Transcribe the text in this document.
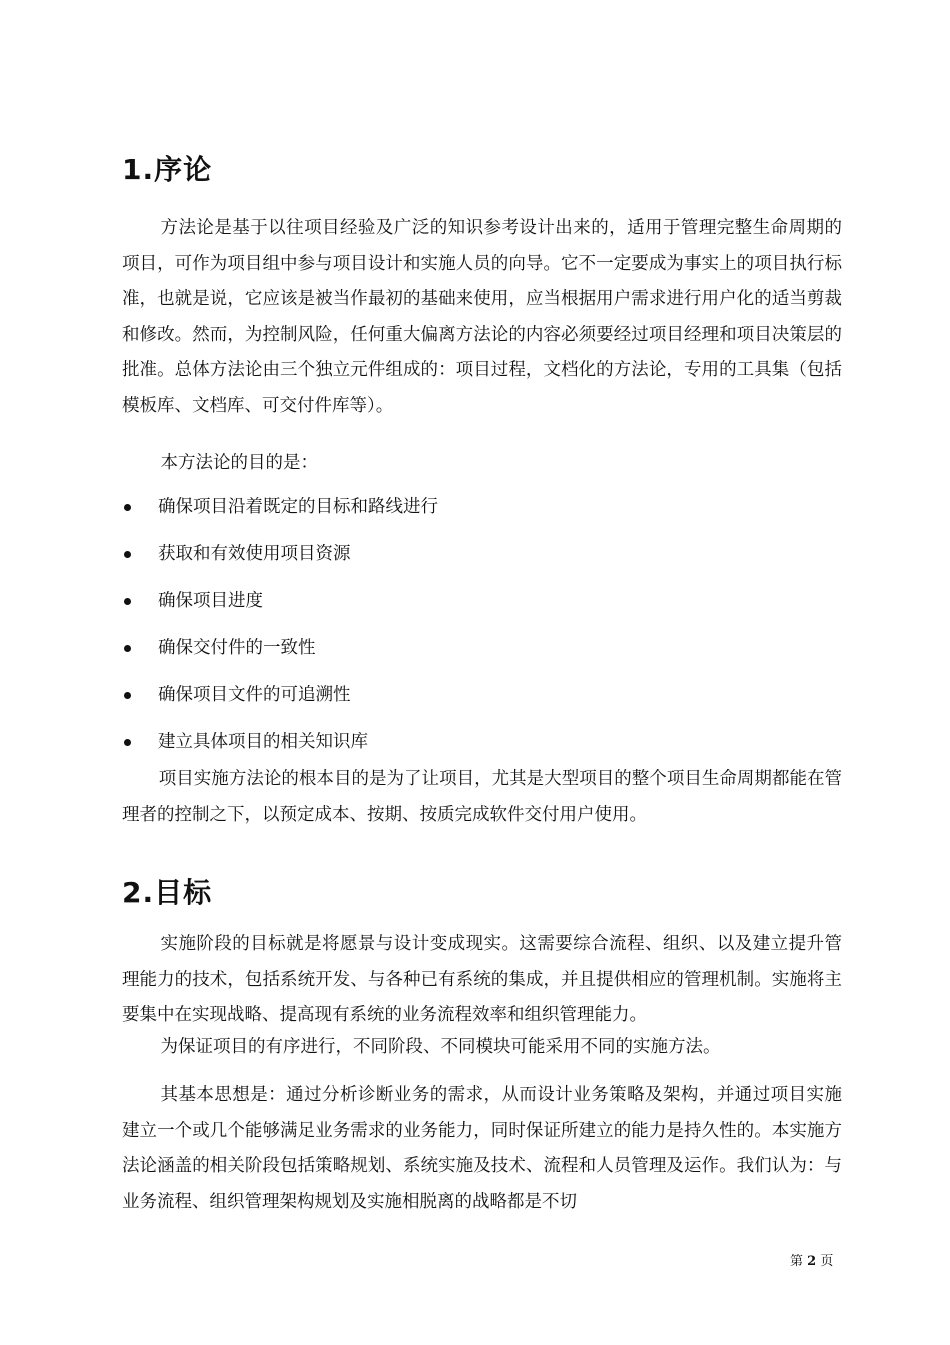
1.序论

方法论是基于以往项目经验及广泛的知识参考设计出来的，适用于管理完整生命周期的项目，可作为项目组中参与项目设计和实施人员的向导。它不一定要成为事实上的项目执行标准，也就是说，它应该是被当作最初的基础来使用，应当根据用户需求进行用户化的适当剪裁和修改。然而，为控制风险，任何重大偏离方法论的内容必须要经过项目经理和项目决策层的批准。总体方法论由三个独立元件组成的：项目过程，文档化的方法论，专用的工具集（包括模板库、文档库、可交付件库等）。

本方法论的目的是：

确保项目沿着既定的目标和路线进行
获取和有效使用项目资源
确保项目进度
确保交付件的一致性
确保项目文件的可追溯性
建立具体项目的相关知识库

项目实施方法论的根本目的是为了让项目，尤其是大型项目的整个项目生命周期都能在管理者的控制之下，以预定成本、按期、按质完成软件交付用户使用。

2.目标

实施阶段的目标就是将愿景与设计变成现实。这需要综合流程、组织、以及建立提升管理能力的技术，包括系统开发、与各种已有系统的集成，并且提供相应的管理机制。实施将主要集中在实现战略、提高现有系统的业务流程效率和组织管理能力。

为保证项目的有序进行，不同阶段、不同模块可能采用不同的实施方法。

其基本思想是：通过分析诊断业务的需求，从而设计业务策略及架构，并通过项目实施建立一个或几个能够满足业务需求的业务能力，同时保证所建立的能力是持久性的。本实施方法论涵盖的相关阶段包括策略规划、系统实施及技术、流程和人员管理及运作。我们认为：与业务流程、组织管理架构规划及实施相脱离的战略都是不切

第 2 页
